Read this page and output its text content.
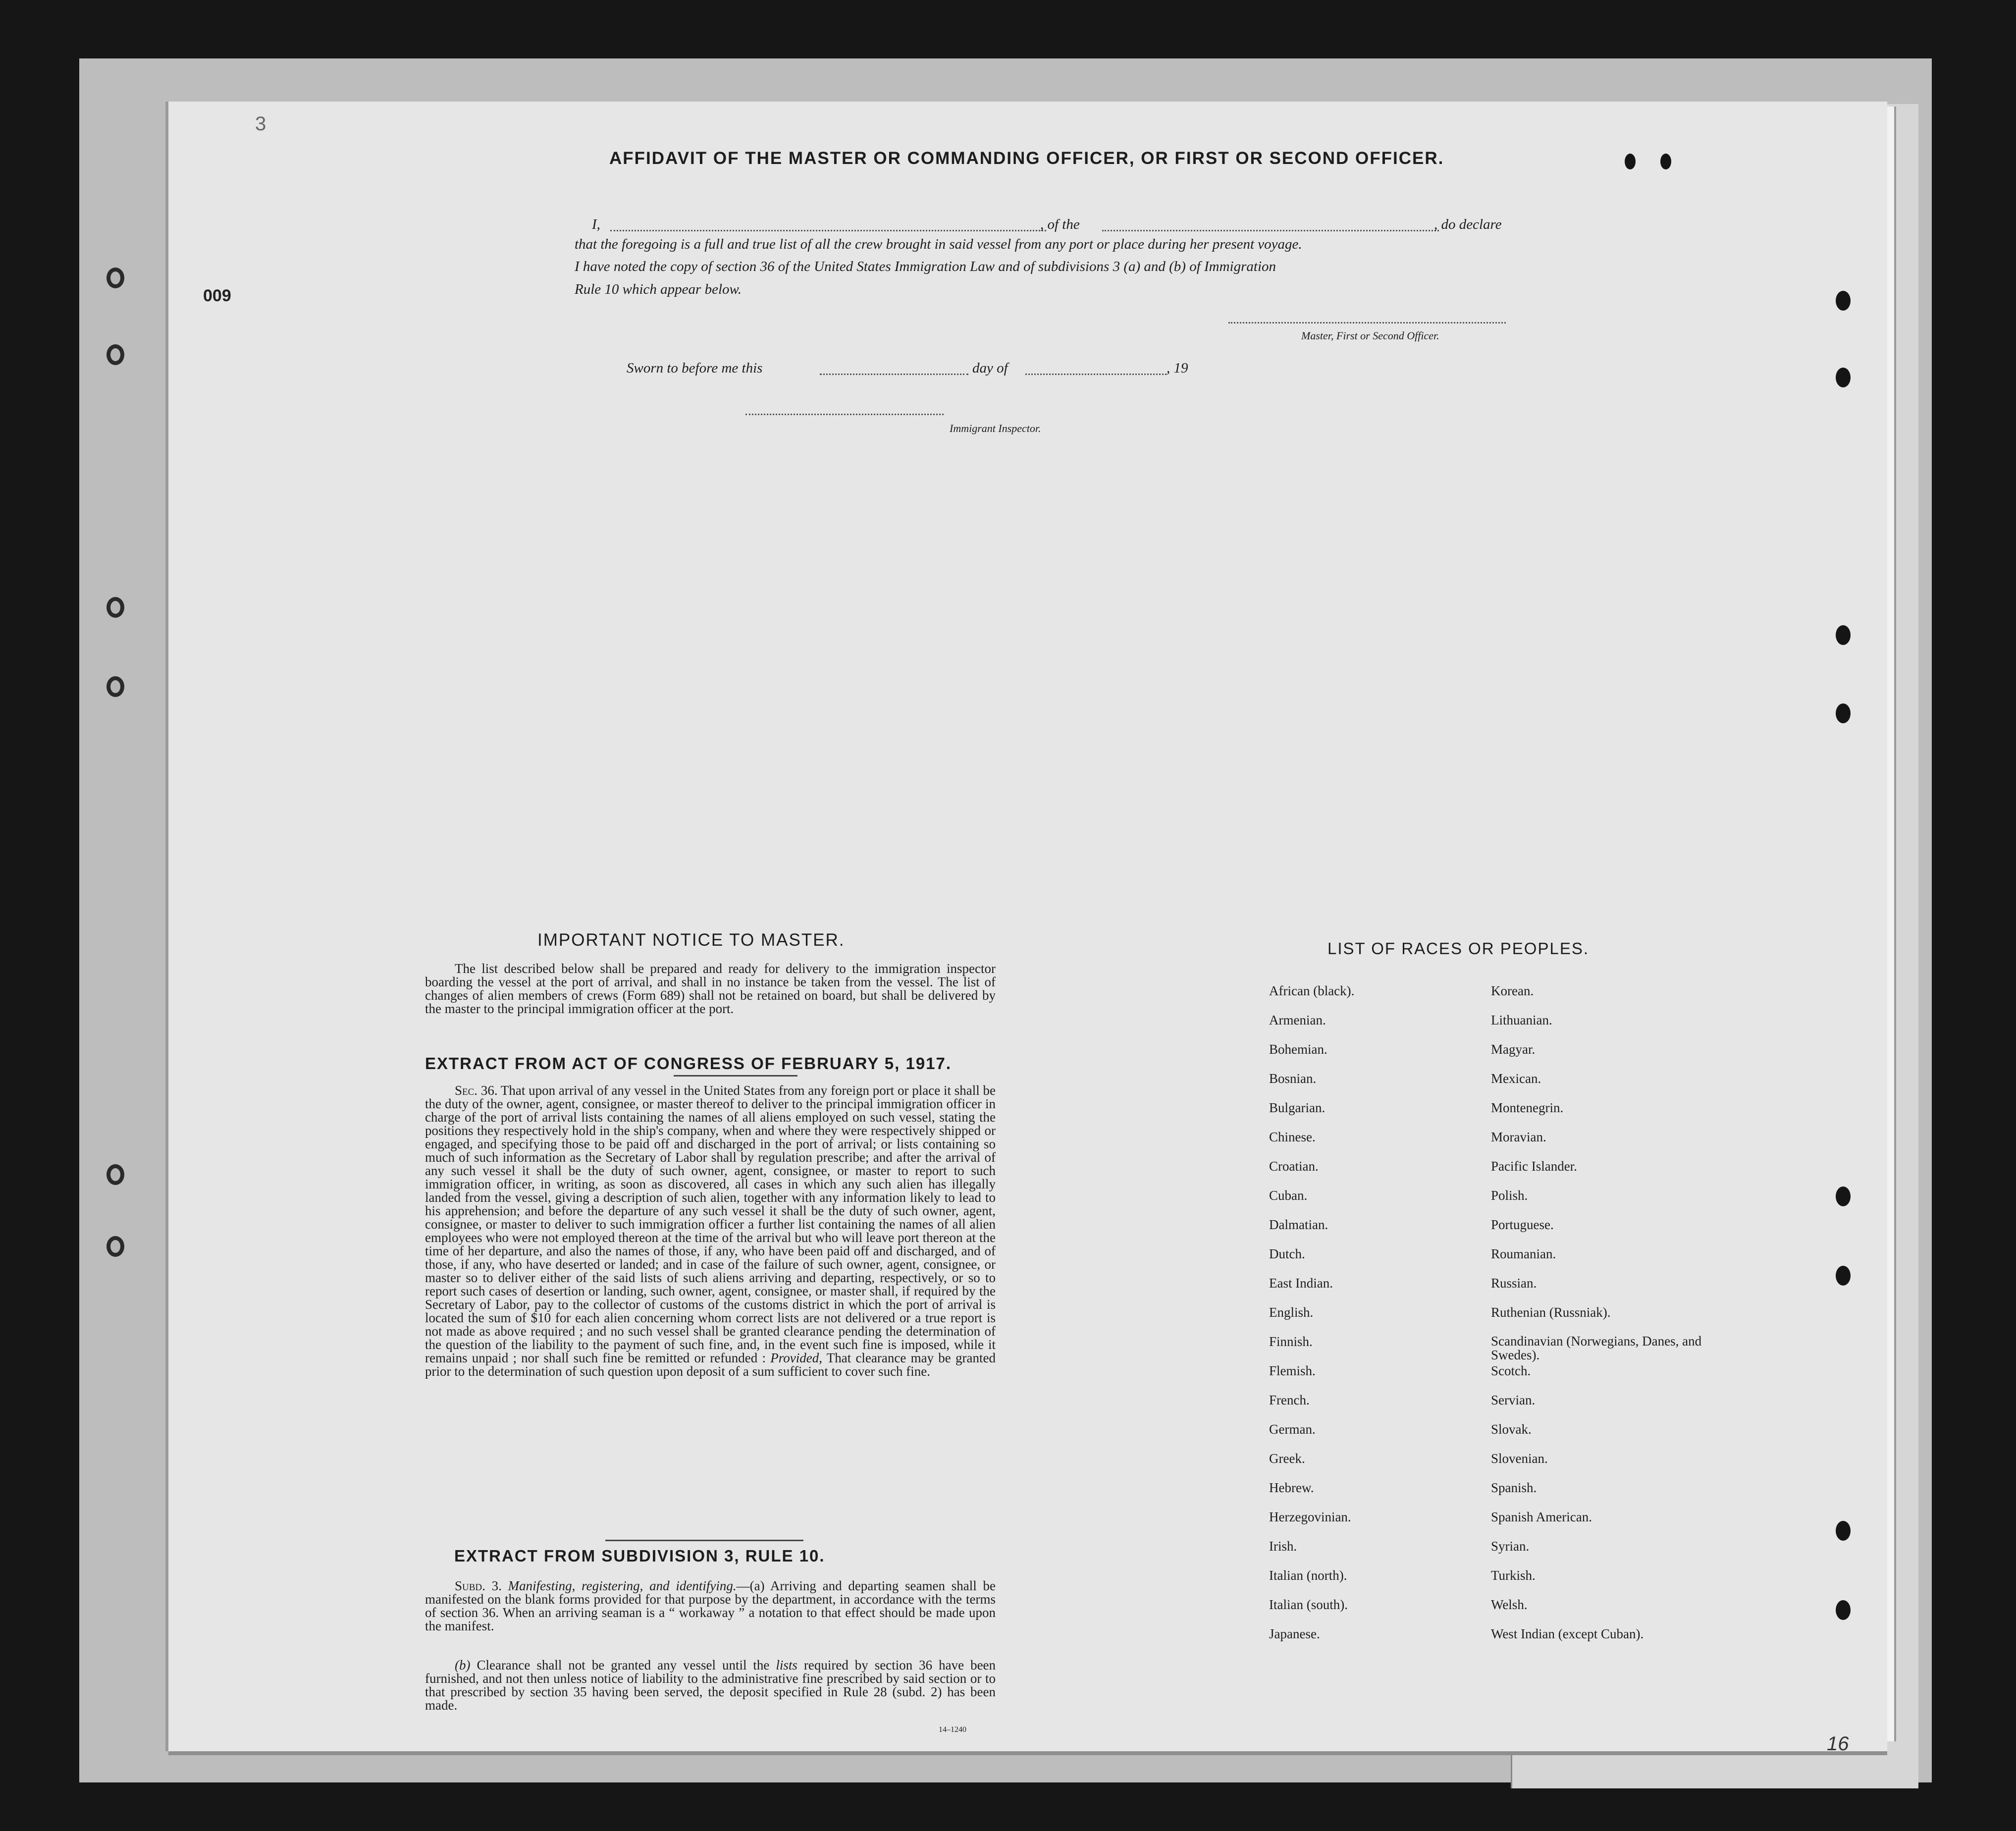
3
009
16
AFFIDAVIT OF THE MASTER OR COMMANDING OFFICER, OR FIRST OR SECOND OFFICER.
I,	, of the	, do declare
that the foregoing is a full and true list of all the crew brought in said vessel from any port or place during her present voyage.
I have noted the copy of section 36 of the United States Immigration Law and of subdivisions 3 (a) and (b) of Immigration
Rule 10 which appear below.
Master, First or Second Officer.
Sworn to before me this	day of	, 19
Immigrant Inspector.
IMPORTANT NOTICE TO MASTER.
The list described below shall be prepared and ready for delivery to the immigration inspector boarding the vessel at the port of arrival, and shall in no instance be taken from the vessel. The list of changes of alien members of crews (Form 689) shall not be retained on board, but shall be delivered by the master to the principal immigration officer at the port.
EXTRACT FROM ACT OF CONGRESS OF FEBRUARY 5, 1917.
Sec. 36. That upon arrival of any vessel in the United States from any foreign port or place it shall be the duty of the owner, agent, consignee, or master thereof to deliver to the principal immigration officer in charge of the port of arrival lists containing the names of all aliens employed on such vessel, stating the positions they respectively hold in the ship's company, when and where they were respectively shipped or engaged, and specifying those to be paid off and discharged in the port of arrival; or lists containing so much of such information as the Secretary of Labor shall by regulation prescribe; and after the arrival of any such vessel it shall be the duty of such owner, agent, consignee, or master to report to such immigration officer, in writing, as soon as discovered, all cases in which any such alien has illegally landed from the vessel, giving a description of such alien, together with any information likely to lead to his apprehension; and before the departure of any such vessel it shall be the duty of such owner, agent, consignee, or master to deliver to such immigration officer a further list containing the names of all alien employees who were not employed thereon at the time of the arrival but who will leave port thereon at the time of her departure, and also the names of those, if any, who have been paid off and discharged, and of those, if any, who have deserted or landed; and in case of the failure of such owner, agent, consignee, or master so to deliver either of the said lists of such aliens arriving and departing, respectively, or so to report such cases of desertion or landing, such owner, agent, consignee, or master shall, if required by the Secretary of Labor, pay to the collector of customs of the customs district in which the port of arrival is located the sum of $10 for each alien concerning whom correct lists are not delivered or a true report is not made as above required ; and no such vessel shall be granted clearance pending the determination of the question of the liability to the payment of such fine, and, in the event such fine is imposed, while it remains unpaid ; nor shall such fine be remitted or refunded : Provided, That clearance may be granted prior to the determination of such question upon deposit of a sum sufficient to cover such fine.
EXTRACT FROM SUBDIVISION 3, RULE 10.
Subd. 3. Manifesting, registering, and identifying.—(a) Arriving and departing seamen shall be manifested on the blank forms provided for that purpose by the department, in accordance with the terms of section 36. When an arriving seaman is a “ workaway ” a notation to that effect should be made upon the manifest.
(b) Clearance shall not be granted any vessel until the lists required by section 36 have been furnished, and not then unless notice of liability to the administrative fine prescribed by said section or to that prescribed by section 35 having been served, the deposit specified in Rule 28 (subd. 2) has been made.
14–1240
LIST OF RACES OR PEOPLES.
African (black).
Armenian.
Bohemian.
Bosnian.
Bulgarian.
Chinese.
Croatian.
Cuban.
Dalmatian.
Dutch.
East Indian.
English.
Finnish.
Flemish.
French.
German.
Greek.
Hebrew.
Herzegovinian.
Irish.
Italian (north).
Italian (south).
Japanese.
Korean.
Lithuanian.
Magyar.
Mexican.
Montenegrin.
Moravian.
Pacific Islander.
Polish.
Portuguese.
Roumanian.
Russian.
Ruthenian (Russniak).
Scandinavian (Norwegians, Danes, and Swedes).
Scotch.
Servian.
Slovak.
Slovenian.
Spanish.
Spanish American.
Syrian.
Turkish.
Welsh.
West Indian (except Cuban).
